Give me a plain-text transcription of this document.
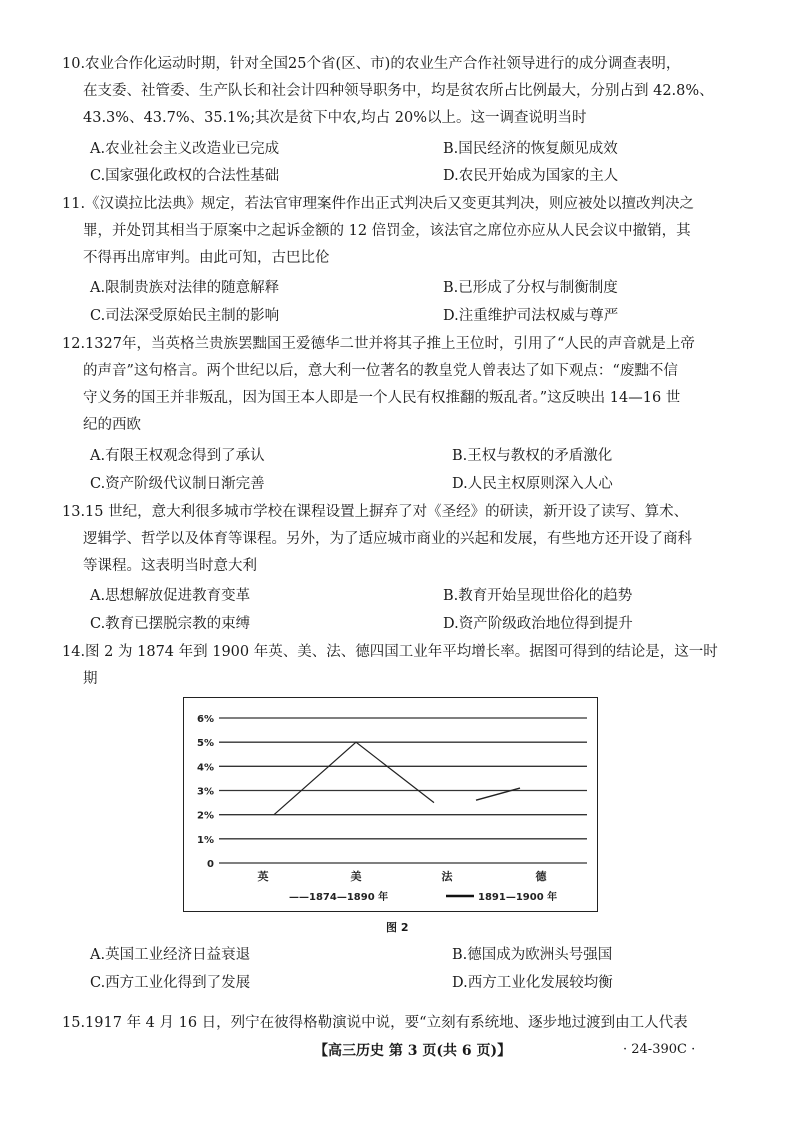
10.农业合作化运动时期，针对全国25个省(区、市)的农业生产合作社领导进行的成分调查表明，
在支委、社管委、生产队长和社会计四种领导职务中，均是贫农所占比例最大，分别占到 42.8%、
43.3%、43.7%、35.1%;其次是贫下中农,均占 20%以上。这一调查说明当时
A.农业社会主义改造业已完成	B.国民经济的恢复颇见成效
C.国家强化政权的合法性基础	D.农民开始成为国家的主人
11.《汉谟拉比法典》规定，若法官审理案件作出正式判决后又变更其判决，则应被处以擅改判决之
罪，并处罚其相当于原案中之起诉金额的 12 倍罚金，该法官之席位亦应从人民会议中撤销，其
不得再出席审判。由此可知，古巴比伦
A.限制贵族对法律的随意解释	B.已形成了分权与制衡制度
C.司法深受原始民主制的影响	D.注重维护司法权威与尊严
12.1327年，当英格兰贵族罢黜国王爱德华二世并将其子推上王位时，引用了“人民的声音就是上帝
的声音”这句格言。两个世纪以后，意大利一位著名的教皇党人曾表达了如下观点：“废黜不信
守义务的国王并非叛乱，因为国王本人即是一个人民有权推翻的叛乱者。”这反映出 14—16 世
纪的西欧
A.有限王权观念得到了承认	B.王权与教权的矛盾激化
C.资产阶级代议制日渐完善	D.人民主权原则深入人心
13.15 世纪，意大利很多城市学校在课程设置上摒弃了对《圣经》的研读，新开设了读写、算术、
逻辑学、哲学以及体育等课程。另外，为了适应城市商业的兴起和发展，有些地方还开设了商科
等课程。这表明当时意大利
A.思想解放促进教育变革	B.教育开始呈现世俗化的趋势
C.教育已摆脱宗教的束缚	D.资产阶级政治地位得到提升
14.图 2 为 1874 年到 1900 年英、美、法、德四国工业年平均增长率。据图可得到的结论是，这一时
期
6%
5%
4%
3%
2%
1%
0
英	美	法	德
——1874—1890 年	1891—1900 年
图 2
A.英国工业经济日益衰退	B.德国成为欧洲头号强国
C.西方工业化得到了发展	D.西方工业化发展较均衡
15.1917 年 4 月 16 日，列宁在彼得格勒演说中说，要“立刻有系统地、逐步地过渡到由工人代表
【高三历史 第 3 页(共 6 页)】	· 24-390C ·
